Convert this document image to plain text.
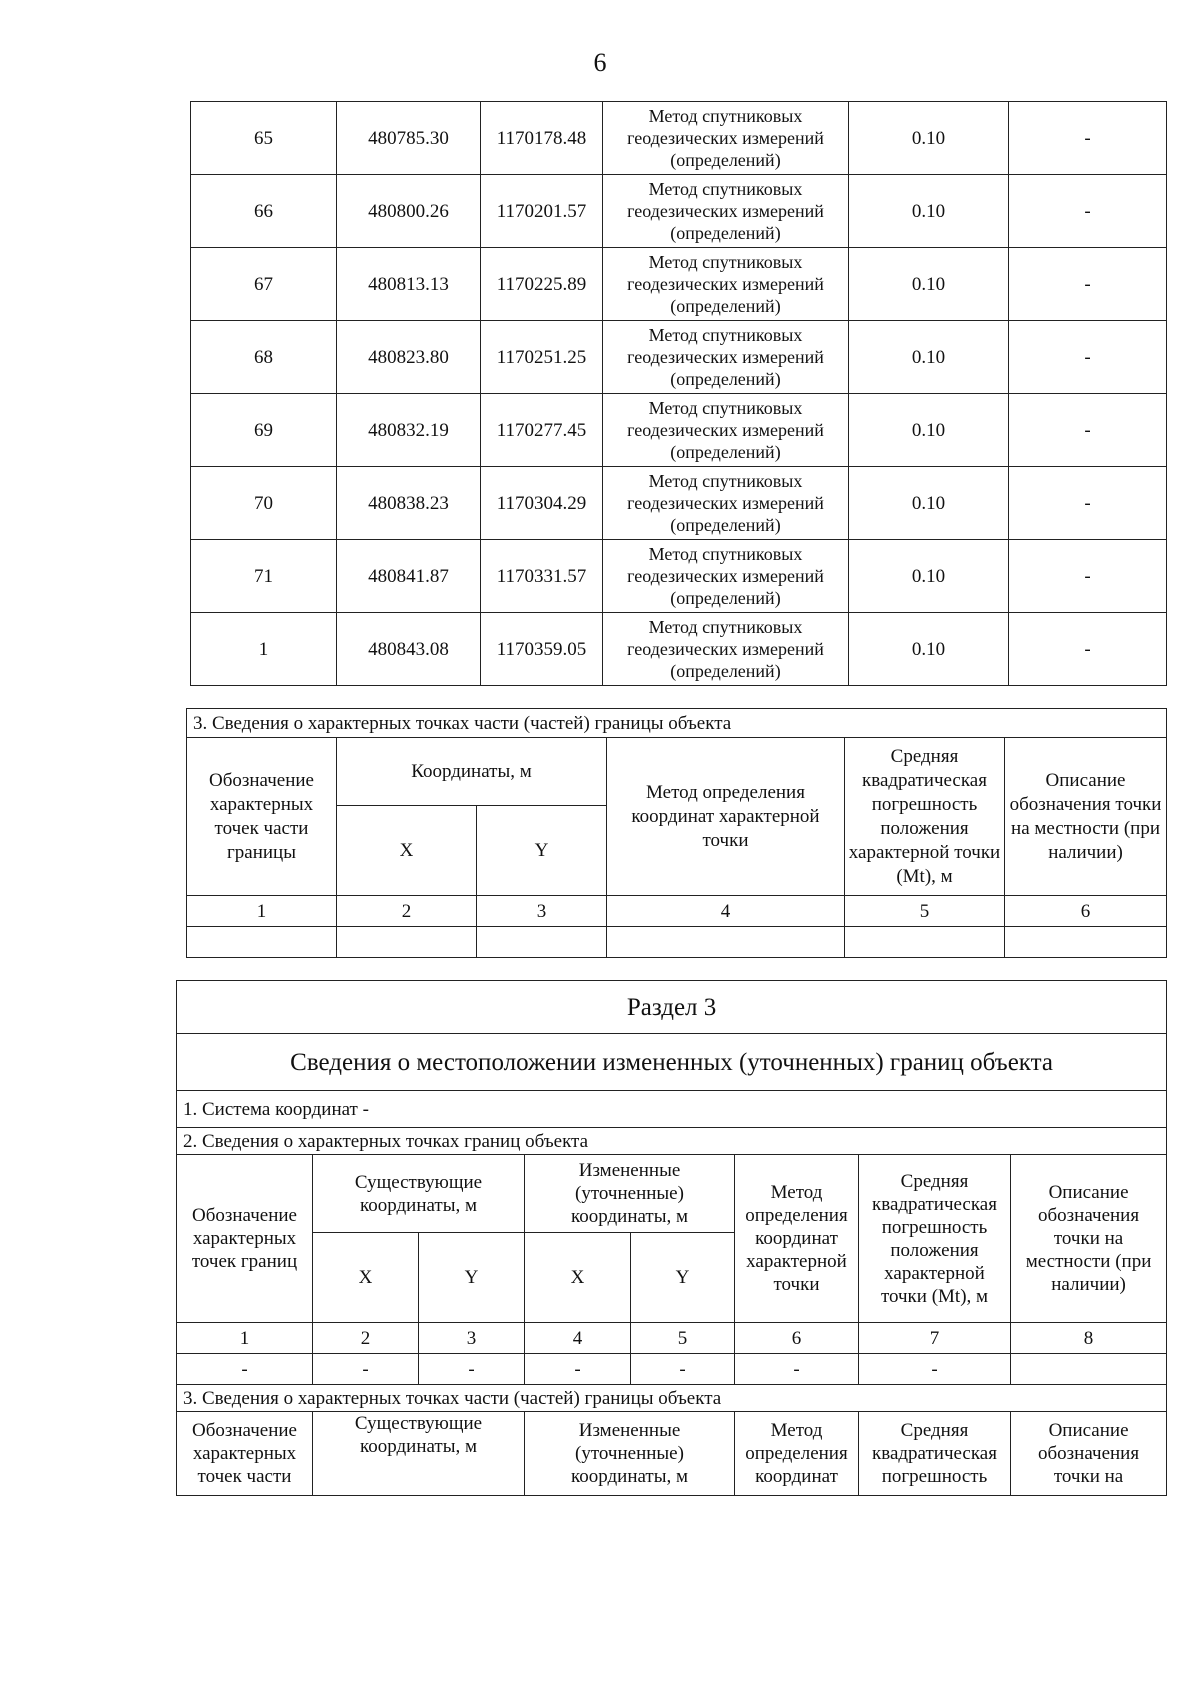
6
65	480785.30	1170178.48	Метод спутниковых
геодезических измерений
(определений)	0.10	-
66	480800.26	1170201.57	Метод спутниковых
геодезических измерений
(определений)	0.10	-
67	480813.13	1170225.89	Метод спутниковых
геодезических измерений
(определений)	0.10	-
68	480823.80	1170251.25	Метод спутниковых
геодезических измерений
(определений)	0.10	-
69	480832.19	1170277.45	Метод спутниковых
геодезических измерений
(определений)	0.10	-
70	480838.23	1170304.29	Метод спутниковых
геодезических измерений
(определений)	0.10	-
71	480841.87	1170331.57	Метод спутниковых
геодезических измерений
(определений)	0.10	-
1	480843.08	1170359.05	Метод спутниковых
геодезических измерений
(определений)	0.10	-
3. Сведения о характерных точках части (частей) границы объекта					
Обозначение характерных точек части границы	Координаты, м		Метод определения координат характерной точки	Средняя квадратическая погрешность положения характерной точки (Mt), м	Описание обозначения точки на местности (при наличии)
	X	Y			
1	2	3	4	5	6

Раздел 3							
Сведения о местоположении измененных (уточненных) границ объекта							
1. Система координат -							
2. Сведения о характерных точках границ объекта							
Обозначение характерных точек границ	Существующие координаты, м		Измененные (уточненные) координаты, м		Метод определения координат характерной точки	Средняя квадратическая погрешность положения характерной точки (Mt), м	Описание обозначения точки на местности (при наличии)
	X	Y	X	Y			
1	2	3	4	5	6	7	8
-	-	-	-	-	-	-	
3. Сведения о характерных точках части (частей) границы объекта							
Обозначение характерных точек части	Существующие координаты, м		Измененные (уточненные) координаты, м		Метод определения координат	Средняя квадратическая погрешность	Описание обозначения точки на
